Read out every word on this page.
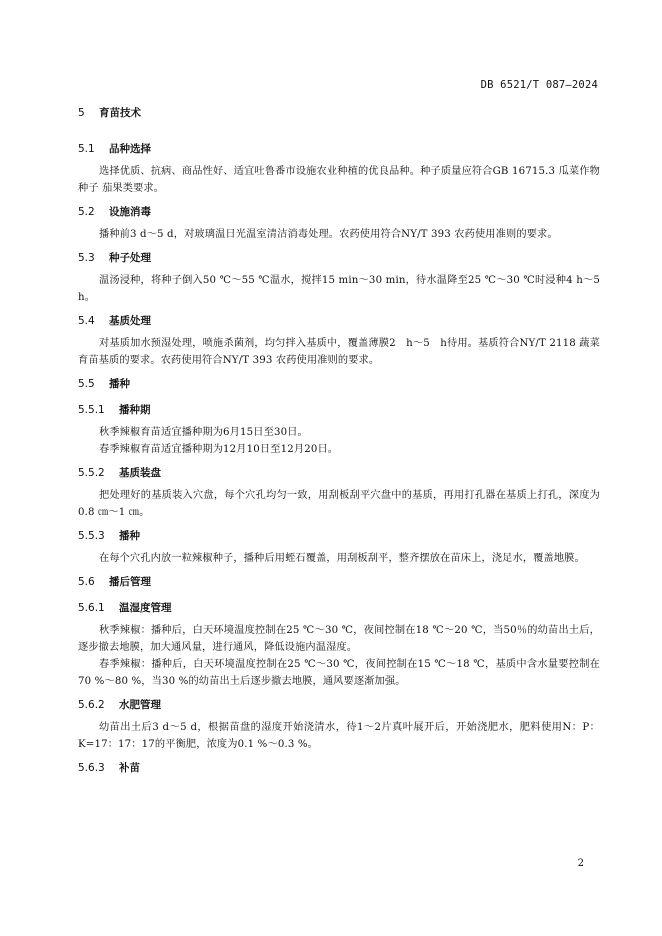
DB 6521/T 087—2024
5 育苗技术
5.1 品种选择

选择优质、抗病、商品性好、适宜吐鲁番市设施农业种植的优良品种。种子质量应符合GB 16715.3 瓜菜作物种子 茄果类要求。

5.2 设施消毒

播种前3 d～5 d，对玻璃温日光温室清洁消毒处理。农药使用符合NY/T 393 农药使用准则的要求。

5.3 种子处理

温汤浸种，将种子倒入50 ℃～55 ℃温水，搅拌15 min～30 min，待水温降至25 ℃～30 ℃时浸种4 h～5 h。

5.4 基质处理

对基质加水预湿处理，喷施杀菌剂，均匀拌入基质中，覆盖薄膜2　h～5　h待用。基质符合NY/T 2118 蔬菜育苗基质的要求。农药使用符合NY/T 393 农药使用准则的要求。

5.5 播种
5.5.1 播种期

秋季辣椒育苗适宜播种期为6月15日至30日。

春季辣椒育苗适宜播种期为12月10日至12月20日。

5.5.2 基质装盘

把处理好的基质装入穴盘，每个穴孔均匀一致，用刮板刮平穴盘中的基质，再用打孔器在基质上打孔，深度为0.8 ㎝～1 ㎝。

5.5.3 播种

在每个穴孔内放一粒辣椒种子，播种后用蛭石覆盖，用刮板刮平，整齐摆放在苗床上，浇足水，覆盖地膜。

5.6 播后管理
5.6.1 温湿度管理

秋季辣椒：播种后，白天环境温度控制在25 ℃～30 ℃，夜间控制在18 ℃～20 ℃，当50％的幼苗出土后，逐步撤去地膜，加大通风量，进行通风，降低设施内温湿度。

春季辣椒：播种后，白天环境温度控制在25 ℃～30 ℃，夜间控制在15 ℃～18 ℃，基质中含水量要控制在70 %～80 %，当30 %的幼苗出土后逐步撤去地膜，通风要逐渐加强。

5.6.2 水肥管理

幼苗出土后3 d～5 d，根据苗盘的湿度开始浇清水，待1～2片真叶展开后，开始浇肥水，肥料使用N：P：K=17：17：17的平衡肥，浓度为0.1 %～0.3 %。

5.6.3 补苗
2
